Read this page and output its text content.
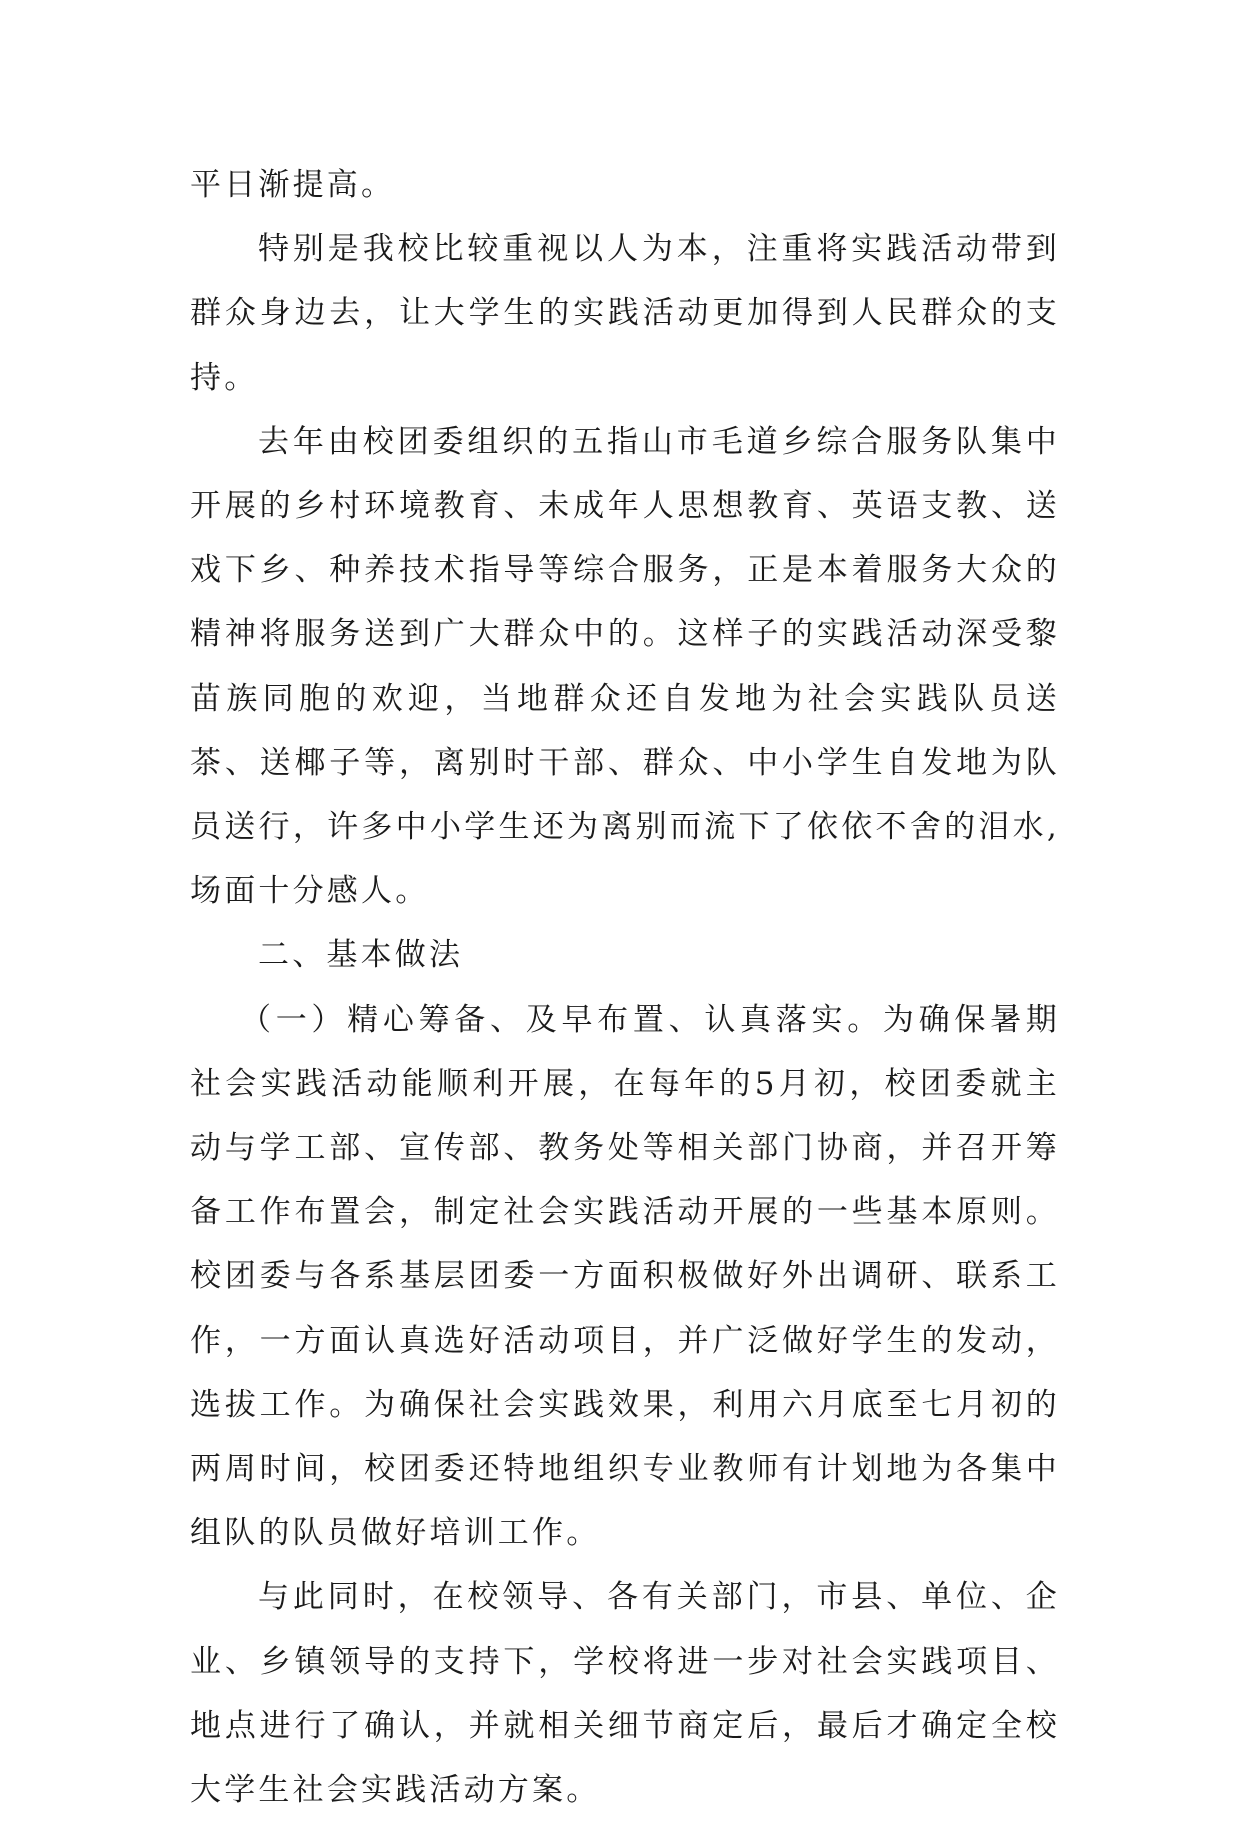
平日渐提高。

特别是我校比较重视以人为本，注重将实践活动带到群众身边去，让大学生的实践活动更加得到人民群众的支持。

去年由校团委组织的五指山市毛道乡综合服务队集中开展的乡村环境教育、未成年人思想教育、英语支教、送戏下乡、种养技术指导等综合服务，正是本着服务大众的精神将服务送到广大群众中的。这样子的实践活动深受黎苗族同胞的欢迎，当地群众还自发地为社会实践队员送茶、送椰子等，离别时干部、群众、中小学生自发地为队员送行，许多中小学生还为离别而流下了依依不舍的泪水,场面十分感人。

二、基本做法

（一）精心筹备、及早布置、认真落实。为确保暑期社会实践活动能顺利开展，在每年的5月初，校团委就主动与学工部、宣传部、教务处等相关部门协商，并召开筹备工作布置会，制定社会实践活动开展的一些基本原则。校团委与各系基层团委一方面积极做好外出调研、联系工作，一方面认真选好活动项目，并广泛做好学生的发动，选拔工作。为确保社会实践效果，利用六月底至七月初的两周时间，校团委还特地组织专业教师有计划地为各集中组队的队员做好培训工作。

与此同时，在校领导、各有关部门，市县、单位、企业、乡镇领导的支持下，学校将进一步对社会实践项目、地点进行了确认，并就相关细节商定后，最后才确定全校大学生社会实践活动方案。
